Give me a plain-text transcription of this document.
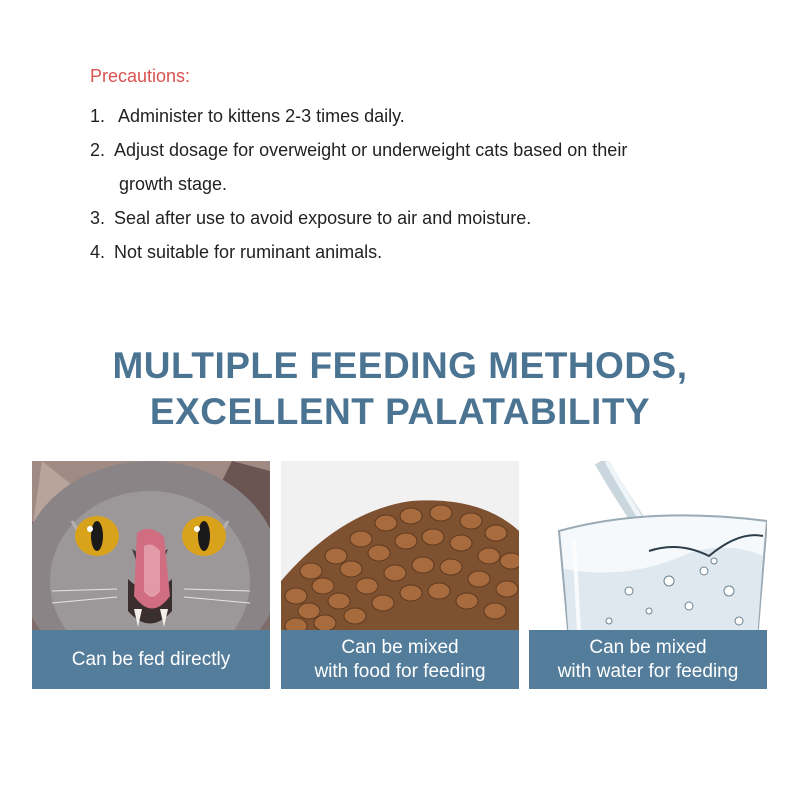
Precautions:
1. Administer to kittens 2-3 times daily.
2. Adjust dosage for overweight or underweight cats based on their
growth stage.
3. Seal after use to avoid exposure to air and moisture.
4. Not suitable for ruminant animals.
MULTIPLE FEEDING METHODS,
EXCELLENT PALATABILITY
Can be fed directly
Can be mixed
with food for feeding
Can be mixed
with water for feeding
